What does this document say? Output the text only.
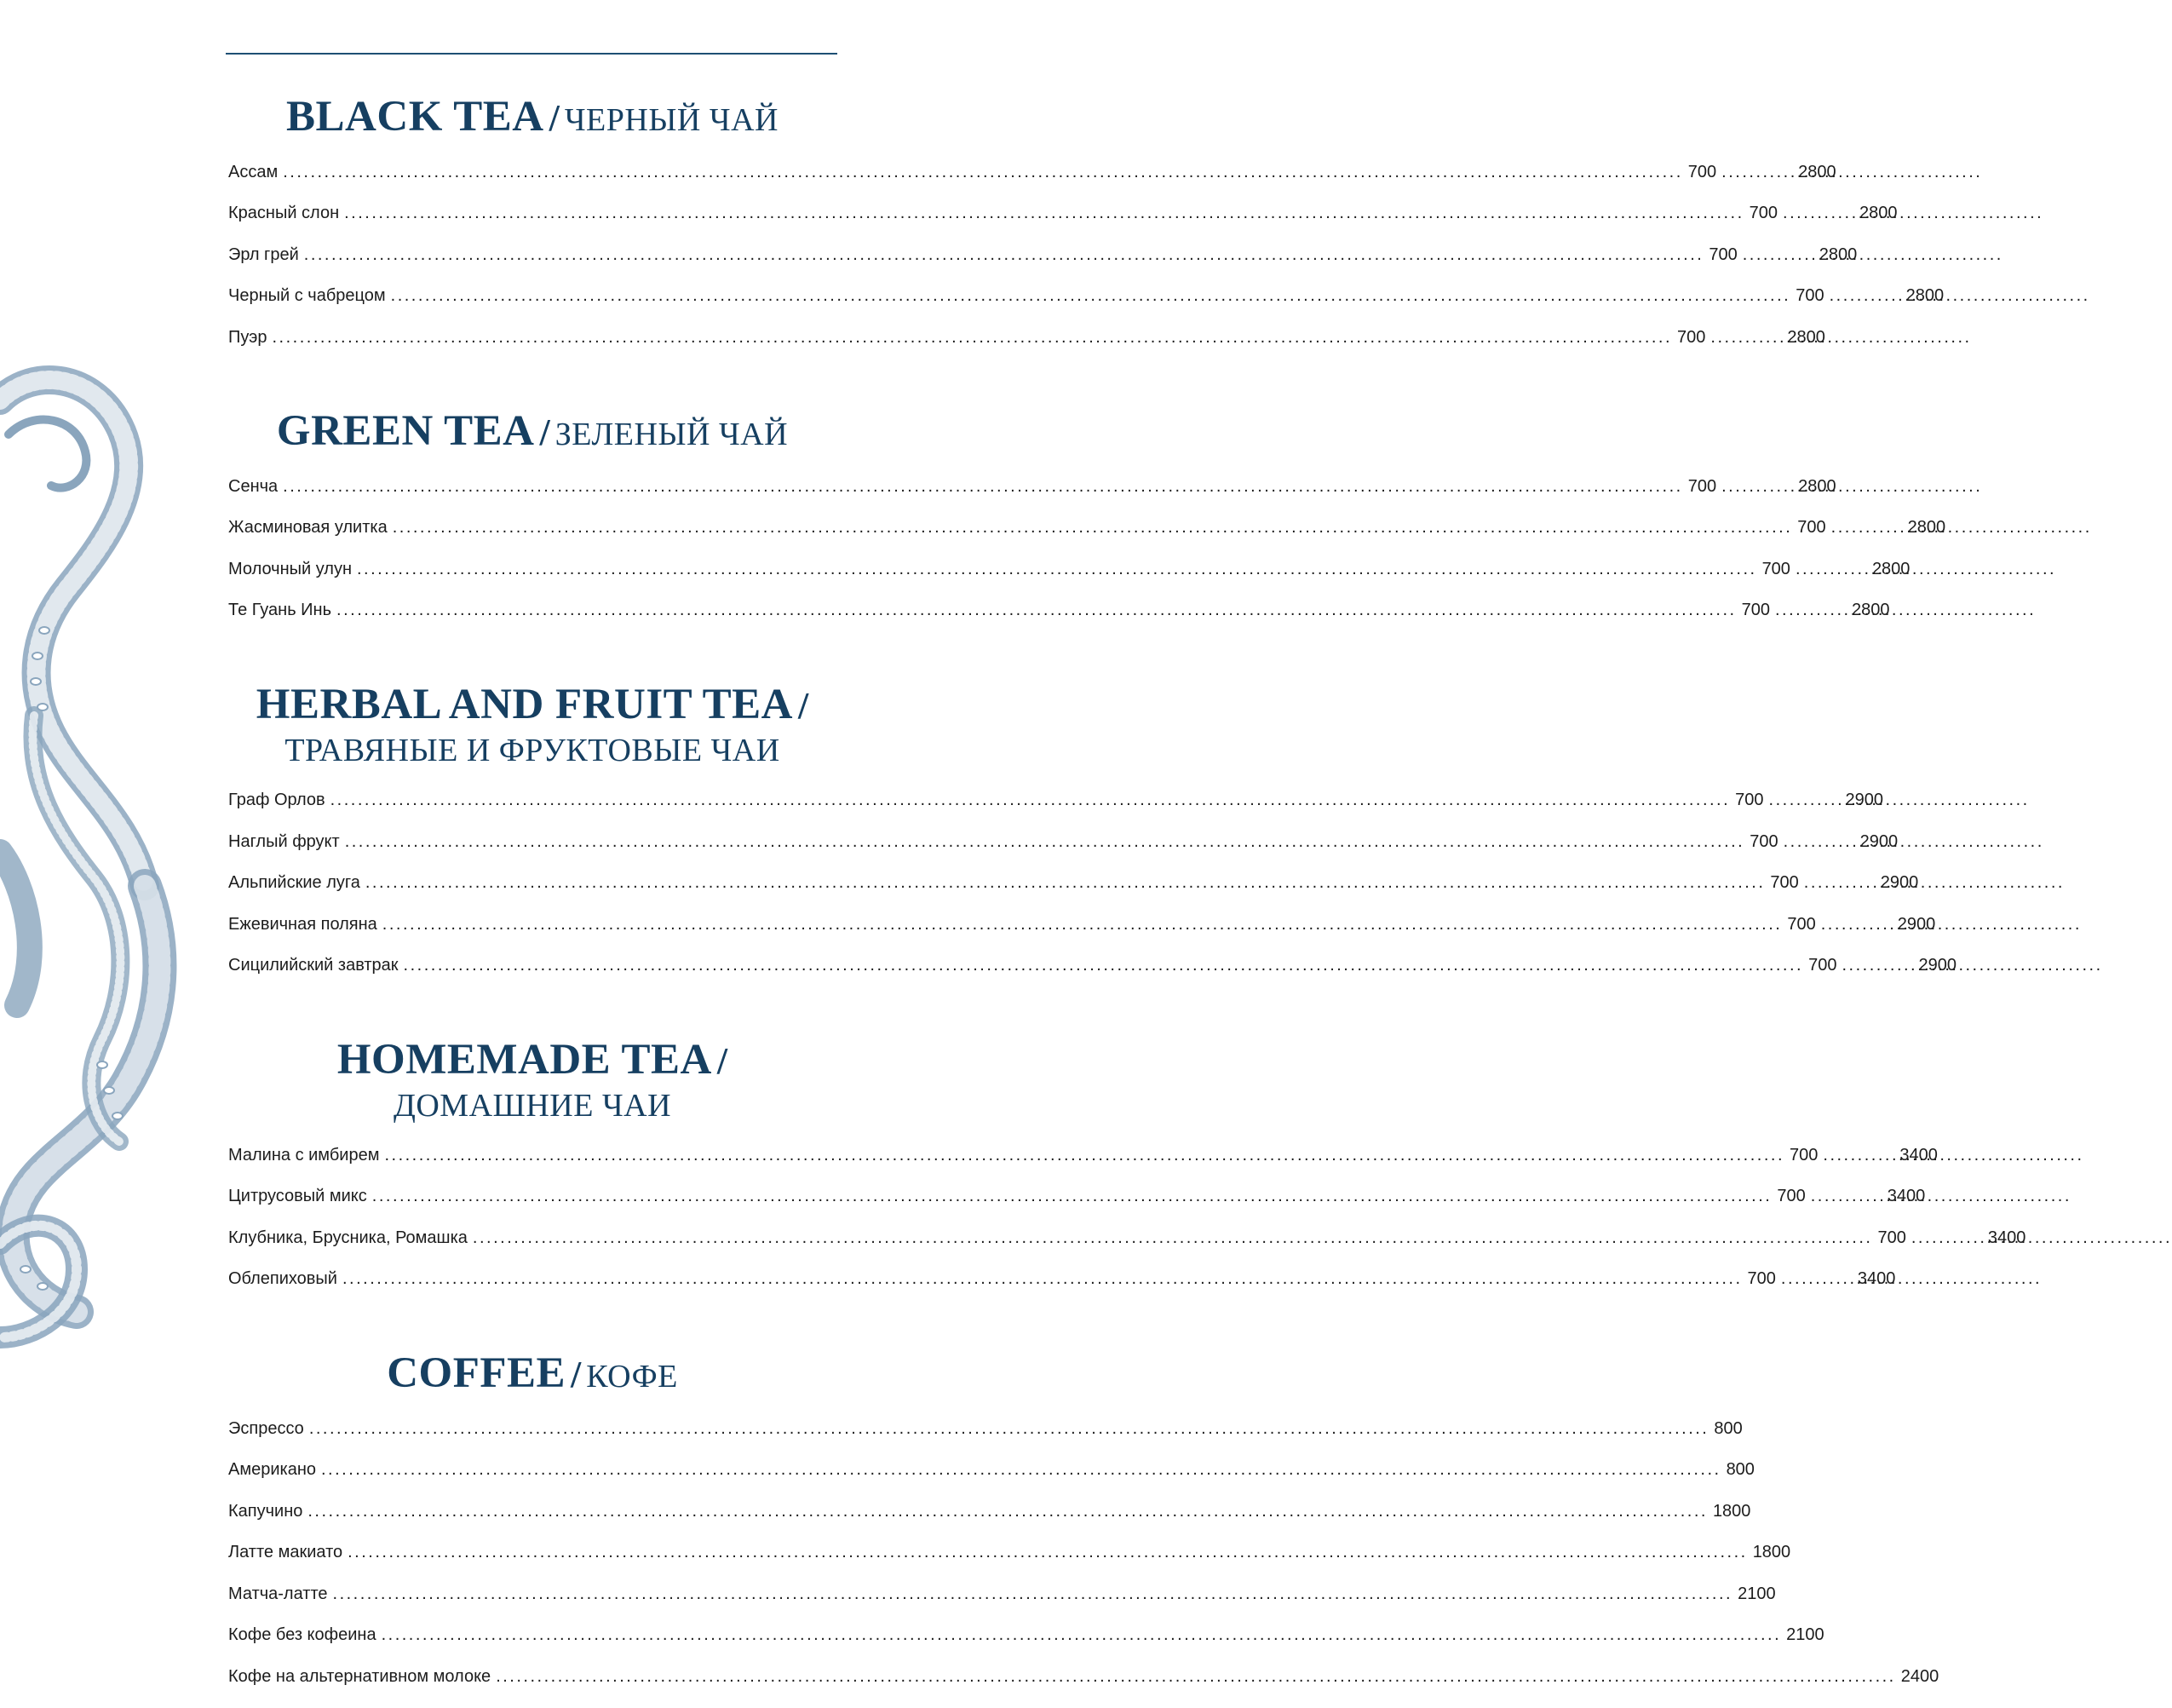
BLACK TEA / ЧЕРНЫЙ ЧАЙ
Ассам .....	700 .....	2800
Красный слон .....	700 .....	2800
Эрл грей .....	700 .....	2800
Черный с чабрецом .....	700 .....	2800
Пуэр .....	700 .....	2800
GREEN TEA / ЗЕЛЕНЫЙ ЧАЙ
Сенча .....	700 .....	2800
Жасминовая улитка .....	700 .....	2800
Молочный улун .....	700 .....	2800
Те Гуань Инь .....	700 .....	2800
HERBAL AND FRUIT TEA /
ТРАВЯНЫЕ И ФРУКТОВЫЕ ЧАИ
Граф Орлов .....	700 .....	2900
Наглый фрукт .....	700 .....	2900
Альпийские луга .....	700 .....	2900
Ежевичная поляна .....	700 .....	2900
Сицилийский завтрак .....	700 .....	2900
HOMEMADE TEA /
ДОМАШНИЕ ЧАИ
Малина с имбирем .....	700 .....	3400
Цитрусовый микс .....	700 .....	3400
Клубника, Брусника, Ромашка .....	700 .....	3400
Облепиховый .....	700 .....	3400
COFFEE / КОФЕ
Эспрессо .....	800
Американо .....	800
Капучино .....	1800
Латте макиато .....	1800
Матча-латте .....	2100
Кофе без кофеина .....	2100
Кофе на альтернативном молоке .....	2400
